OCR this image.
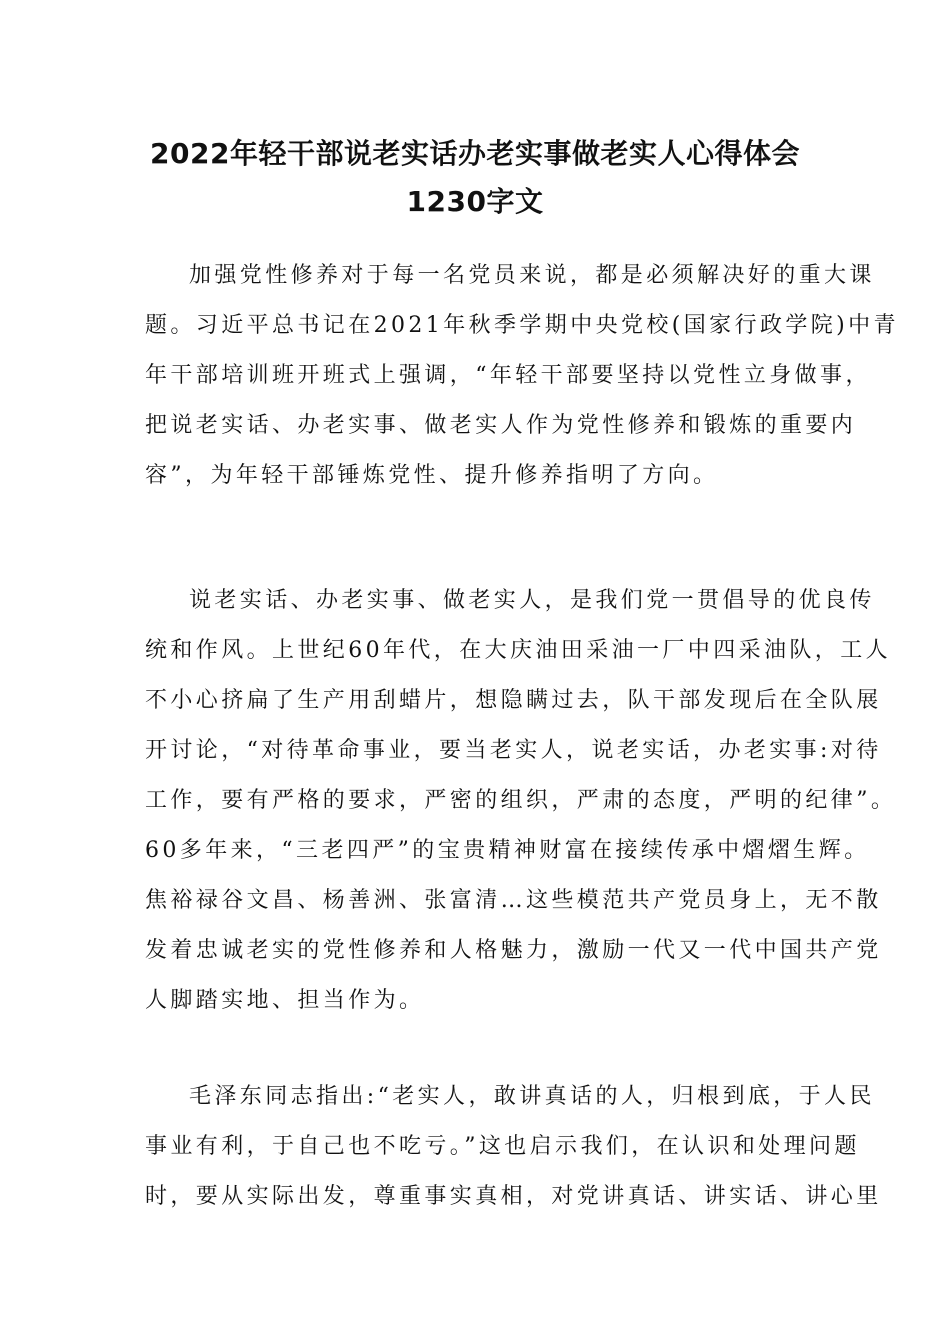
2022年轻干部说老实话办老实事做老实人心得体会
1230字文
加强党性修养对于每一名党员来说，都是必须解决好的重大课
题。习近平总书记在2021年秋季学期中央党校(国家行政学院)中青
年干部培训班开班式上强调，“年轻干部要坚持以党性立身做事，
把说老实话、办老实事、做老实人作为党性修养和锻炼的重要内
容”，为年轻干部锤炼党性、提升修养指明了方向。
说老实话、办老实事、做老实人，是我们党一贯倡导的优良传
统和作风。上世纪60年代，在大庆油田采油一厂中四采油队，工人
不小心挤扁了生产用刮蜡片，想隐瞒过去，队干部发现后在全队展
开讨论，“对待革命事业，要当老实人，说老实话，办老实事:对待
工作，要有严格的要求，严密的组织，严肃的态度，严明的纪律”。
60多年来，“三老四严”的宝贵精神财富在接续传承中熠熠生辉。
焦裕禄谷文昌、杨善洲、张富清…这些模范共产党员身上，无不散
发着忠诚老实的党性修养和人格魅力，激励一代又一代中国共产党
人脚踏实地、担当作为。
毛泽东同志指出:“老实人，敢讲真话的人，归根到底，于人民
事业有利，于自己也不吃亏。”这也启示我们，在认识和处理问题
时，要从实际出发，尊重事实真相，对党讲真话、讲实话、讲心里
